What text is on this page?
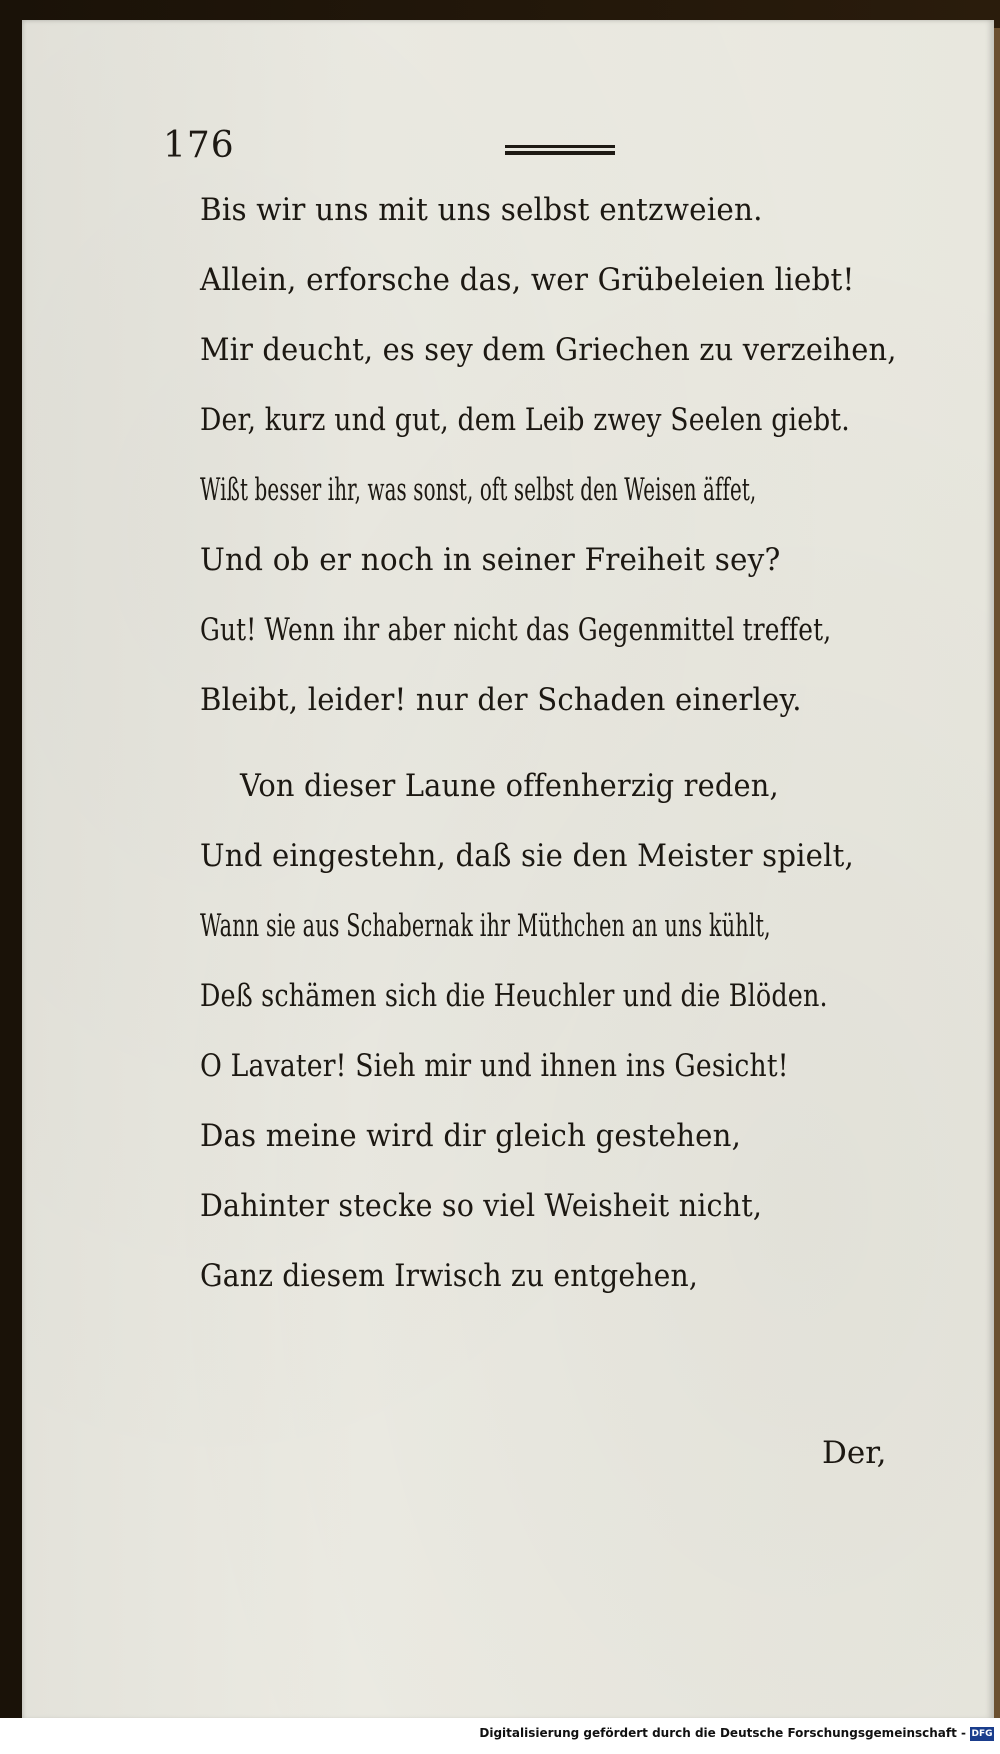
176
Bis wir uns mit uns selbst entzweien.
Allein, erforsche das, wer Grübeleien liebt!
Mir deucht, es sey dem Griechen zu verzeihen,
Der, kurz und gut, dem Leib zwey Seelen giebt.
Wißt besser ihr, was sonst, oft selbst den Weisen äffet,
Und ob er noch in seiner Freiheit sey?
Gut! Wenn ihr aber nicht das Gegenmittel treffet,
Bleibt, leider! nur der Schaden einerley.
Von dieser Laune offenherzig reden,
Und eingestehn, daß sie den Meister spielt,
Wann sie aus Schabernak ihr Müthchen an uns kühlt,
Deß schämen sich die Heuchler und die Blöden.
O Lavater! Sieh mir und ihnen ins Gesicht!
Das meine wird dir gleich gestehen,
Dahinter stecke so viel Weisheit nicht,
Ganz diesem Irwisch zu entgehen,
Der,
Digitalisierung gefördert durch die Deutsche Forschungsgemeinschaft - DFG
